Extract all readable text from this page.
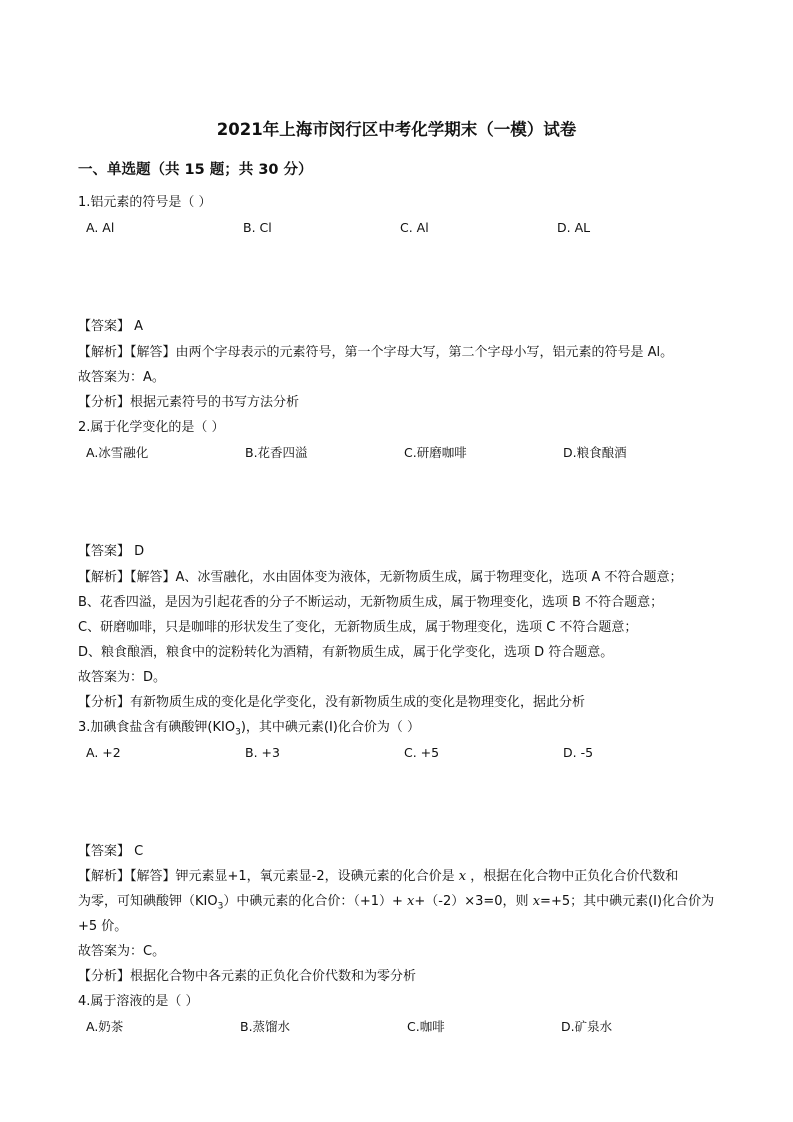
2021年上海市闵行区中考化学期末（一模）试卷
一、单选题（共 15 题；共 30 分）
1.铝元素的符号是（ ）
A. Al	B. Cl	C. Al	D. AL
【答案】 A
【解析】【解答】由两个字母表示的元素符号，第一个字母大写，第二个字母小写，铝元素的符号是 Al。
故答案为：A。
【分析】根据元素符号的书写方法分析
2.属于化学变化的是（ ）
A.冰雪融化	B.花香四溢	C.研磨咖啡	D.粮食酿酒
【答案】 D
【解析】【解答】A、冰雪融化，水由固体变为液体，无新物质生成，属于物理变化，选项 A 不符合题意；
B、花香四溢，是因为引起花香的分子不断运动，无新物质生成，属于物理变化，选项 B 不符合题意；
C、研磨咖啡，只是咖啡的形状发生了变化，无新物质生成，属于物理变化，选项 C 不符合题意；
D、粮食酿酒，粮食中的淀粉转化为酒精，有新物质生成，属于化学变化，选项 D 符合题意。
故答案为：D。
【分析】有新物质生成的变化是化学变化，没有新物质生成的变化是物理变化，据此分析
3.加碘食盐含有碘酸钾$(KIO_3)$，其中碘元素(I)化合价为（ ）
A. +2	B. +3	C. +5	D. -5
【答案】 C
【解析】【解答】钾元素显+1，氧元素显-2，设碘元素的化合价是 x ，根据在化合物中正负化合价代数和
为零，可知碘酸钾$(KIO_3)$中碘元素的化合价：（+1）+ x+（-2）×3=0，则 x=+5；其中碘元素(I)化合价为
+5 价。
故答案为：C。
【分析】根据化合物中各元素的正负化合价代数和为零分析
4.属于溶液的是（ ）
A.奶茶	B.蒸馏水	C.咖啡	D.矿泉水
